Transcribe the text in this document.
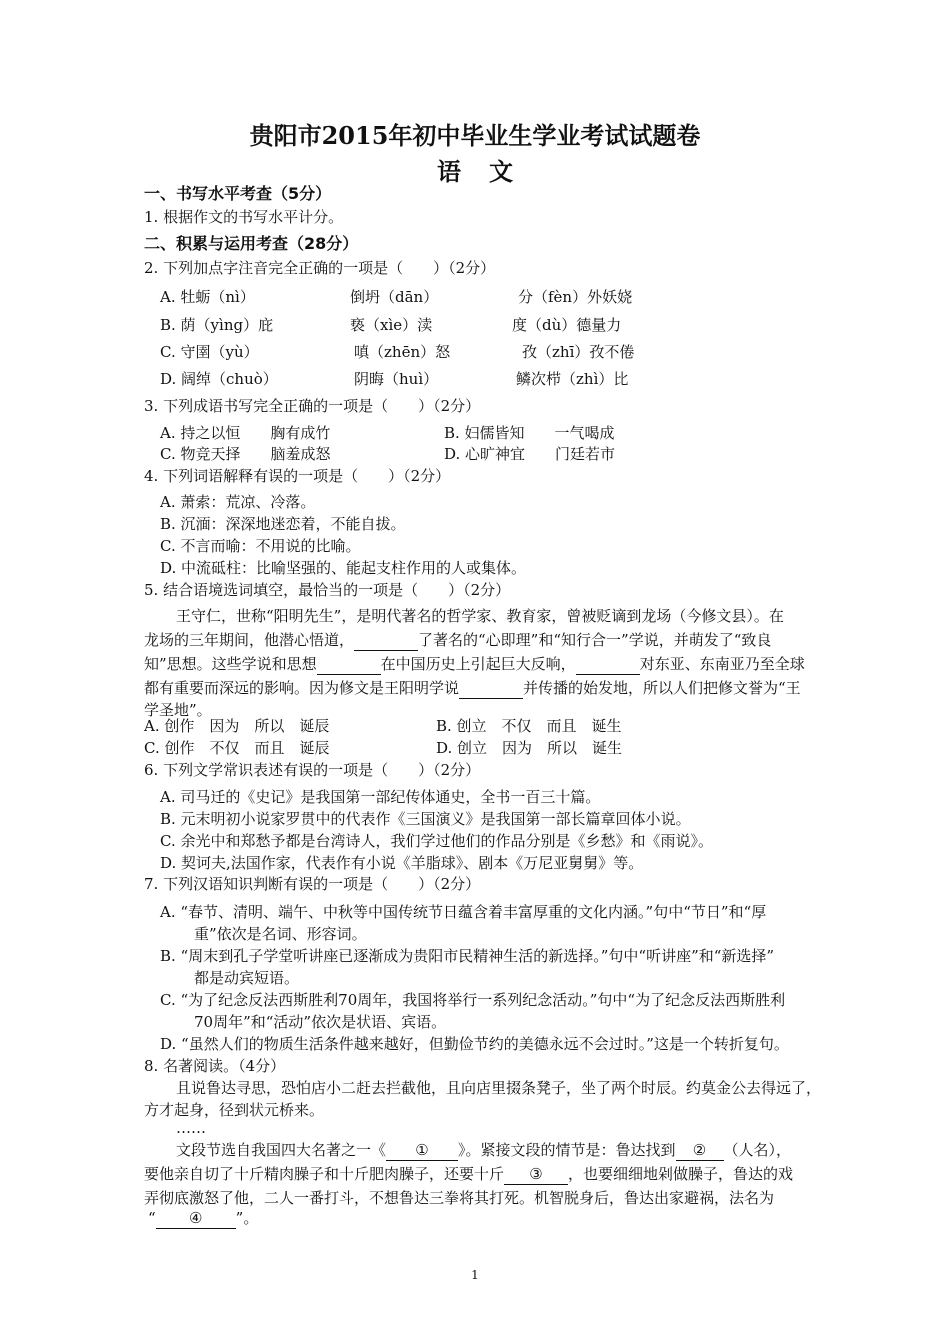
贵阳市2015年初中毕业生学业考试试题卷
语 文
一、书写水平考查（5分）
1. 根据作文的书写水平计分。
二、积累与运用考查（28分）
2. 下列加点字注音完全正确的一项是（　　）（2分）
A. 牡蛎（nì）	倒坍（dān）	分（fèn）外妖娆
B. 荫（yìng）庇	亵（xìe）渎	度（dù）德量力
C. 守圉（yù）	嗔（zhēn）怒	孜（zhī）孜不倦
D. 阔绰（chuò）	阴晦（huì）	鳞次栉（zhì）比
3. 下列成语书写完全正确的一项是（　　）（2分）
A. 持之以恒　　胸有成竹	B. 妇儒皆知　　一气喝成
C. 物竞天择　　脑羞成怒	D. 心旷神宜　　门廷若市
4. 下列词语解释有误的一项是（　　）（2分）
A. 萧索：荒凉、冷落。
B. 沉湎：深深地迷恋着，不能自拔。
C. 不言而喻：不用说的比喻。
D. 中流砥柱：比喻坚强的、能起支柱作用的人或集体。
5. 结合语境选词填空，最恰当的一项是（　　）（2分）
王守仁，世称“阳明先生”，是明代著名的哲学家、教育家，曾被贬谪到龙场（今修文县）。在
龙场的三年期间，他潜心悟道，	了著名的“心即理”和“知行合一”学说，并萌发了“致良
知”思想。这些学说和思想	在中国历史上引起巨大反响，	对东亚、东南亚乃至全球
都有重要而深远的影响。因为修文是王阳明学说	并传播的始发地，所以人们把修文誉为“王
学圣地”。
A. 创作　因为　所以　诞辰	B. 创立　不仅　而且　诞生
C. 创作　不仅　而且　诞辰	D. 创立　因为　所以　诞生
6. 下列文学常识表述有误的一项是（　　）（2分）
A. 司马迁的《史记》是我国第一部纪传体通史，全书一百三十篇。
B. 元末明初小说家罗贯中的代表作《三国演义》是我国第一部长篇章回体小说。
C. 余光中和郑愁予都是台湾诗人，我们学过他们的作品分别是《乡愁》和《雨说》。
D. 契诃夫,法国作家，代表作有小说《羊脂球》、剧本《万尼亚舅舅》等。
7. 下列汉语知识判断有误的一项是（　　）（2分）
A. “春节、清明、端午、中秋等中国传统节日蕴含着丰富厚重的文化内涵。”句中“节日”和“厚
重”依次是名词、形容词。
B. “周末到孔子学堂听讲座已逐渐成为贵阳市民精神生活的新选择。”句中“听讲座”和“新选择”
都是动宾短语。
C. “为了纪念反法西斯胜利70周年，我国将举行一系列纪念活动。”句中“为了纪念反法西斯胜利
70周年”和“活动”依次是状语、宾语。
D. “虽然人们的物质生活条件越来越好，但勤俭节约的美德永远不会过时。”这是一个转折复句。
8. 名著阅读。（4分）
且说鲁达寻思，恐怕店小二赶去拦截他，且向店里掇条凳子，坐了两个时辰。约莫金公去得远了，
方才起身，径到状元桥来。
……
文段节选自我国四大名著之一《 ① 》。紧接文段的情节是：鲁达找到 ② （人名），
要他亲自切了十斤精肉臊子和十斤肥肉臊子，还要十斤 ③ ，也要细细地剁做臊子，鲁达的戏
弄彻底激怒了他，二人一番打斗，不想鲁达三拳将其打死。机智脱身后，鲁达出家避祸，法名为
“ ④ ”。
1
